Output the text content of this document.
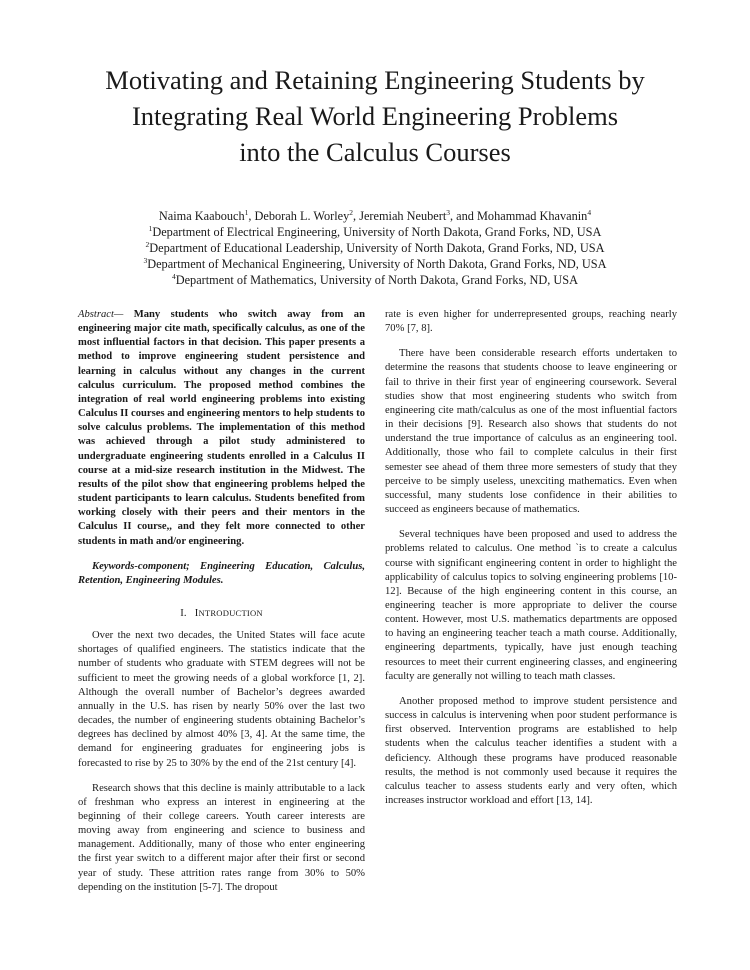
Motivating and Retaining Engineering Students by
Integrating Real World Engineering Problems
into the Calculus Courses
Naima Kaabouch$^1$, Deborah L. Worley$^2$, Jeremiah Neubert$^3$, and Mohammad Khavanin$^4$
$^1$Department of Electrical Engineering, University of North Dakota, Grand Forks, ND, USA
$^2$Department of Educational Leadership, University of North Dakota, Grand Forks, ND, USA
$^3$Department of Mechanical Engineering, University of North Dakota, Grand Forks, ND, USA
$^4$Department of Mathematics, University of North Dakota, Grand Forks, ND, USA

Abstract— Many students who switch away from an engineering major cite math, specifically calculus, as one of the most influential factors in that decision. This paper presents a method to improve engineering student persistence and learning in calculus without any changes in the current calculus curriculum. The proposed method combines the integration of real world engineering problems into existing Calculus II courses and engineering mentors to help students to solve calculus problems. The implementation of this method was achieved through a pilot study administered to undergraduate engineering students enrolled in a Calculus II course at a mid-size research institution in the Midwest. The results of the pilot show that engineering problems helped the student participants to learn calculus. Students benefited from working closely with their peers and their mentors in the Calculus II course,, and they felt more connected to other students in math and/or engineering.

Keywords-component; Engineering Education, Calculus, Retention, Engineering Modules.

I. INTRODUCTION

Over the next two decades, the United States will face acute shortages of qualified engineers. The statistics indicate that the number of students who graduate with STEM degrees will not be sufficient to meet the growing needs of a global workforce [1, 2]. Although the overall number of Bachelor’s degrees awarded annually in the U.S. has risen by nearly 50% over the last two decades, the number of engineering students obtaining Bachelor’s degrees has declined by almost 40% [3, 4]. At the same time, the demand for engineering graduates for engineering jobs is forecasted to rise by 25 to 30% by the end of the 21st century [4].

Research shows that this decline is mainly attributable to a lack of freshman who express an interest in engineering at the beginning of their college careers. Youth career interests are moving away from engineering and science to business and management. Additionally, many of those who enter engineering the first year switch to a different major after their first or second year of study. These attrition rates range from 30% to 50% depending on the institution [5-7]. The dropout

rate is even higher for underrepresented groups, reaching nearly 70% [7, 8].

There have been considerable research efforts undertaken to determine the reasons that students choose to leave engineering or fail to thrive in their first year of engineering coursework. Several studies show that most engineering students who switch from engineering cite math/calculus as one of the most influential factors in their decisions [9]. Research also shows that students do not understand the true importance of calculus as an engineering tool. Additionally, those who fail to complete calculus in their first semester see ahead of them three more semesters of study that they perceive to be simply useless, unexciting mathematics. Even when successful, many students lose confidence in their abilities to succeed as engineers because of mathematics.

Several techniques have been proposed and used to address the problems related to calculus. One method `is to create a calculus course with significant engineering content in order to highlight the applicability of calculus topics to solving engineering problems [10-12]. Because of the high engineering content in this course, an engineering teacher is more appropriate to deliver the course content. However, most U.S. mathematics departments are opposed to having an engineering teacher teach a math course. Additionally, engineering departments, typically, have just enough teaching resources to meet their current engineering classes, and engineering faculty are generally not willing to teach math classes.

Another proposed method to improve student persistence and success in calculus is intervening when poor student performance is first observed. Intervention programs are established to help students when the calculus teacher identifies a student with a deficiency. Although these programs have produced reasonable results, the method is not commonly used because it requires the calculus teacher to assess students early and very often, which increases instructor workload and effort [13, 14].
